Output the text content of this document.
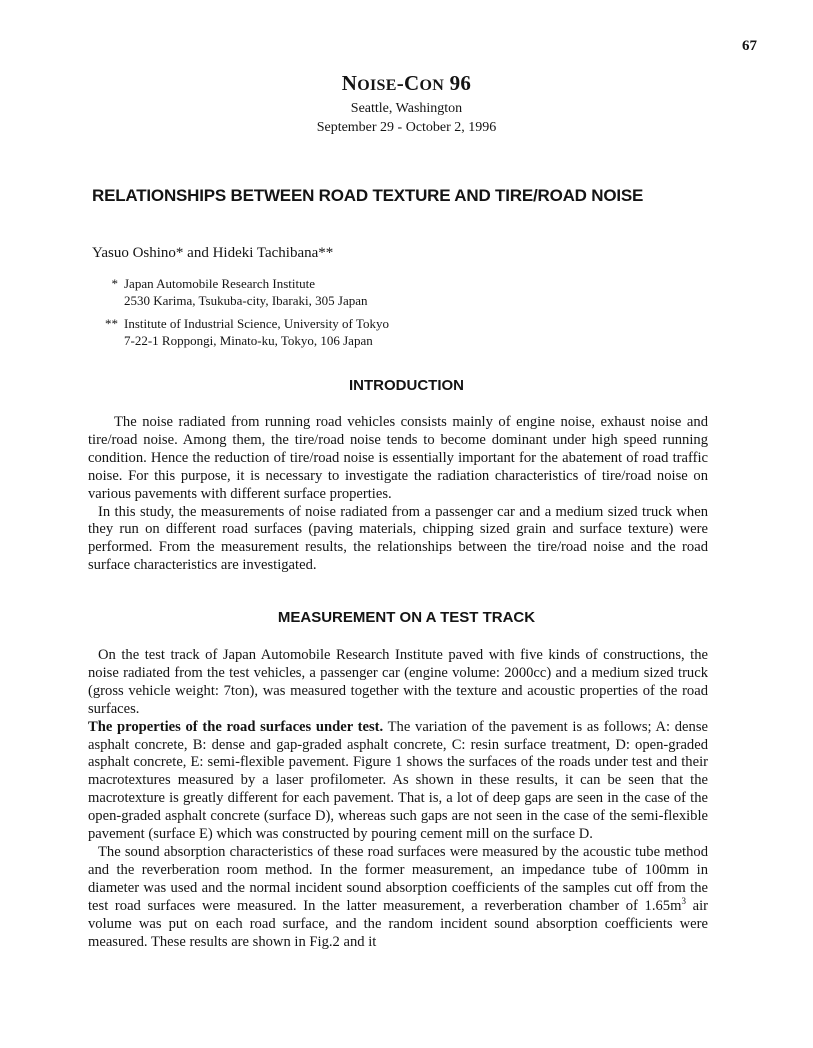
67
NOISE-CON 96
Seattle, Washington
September 29 - October 2, 1996
RELATIONSHIPS BETWEEN ROAD TEXTURE AND TIRE/ROAD NOISE
Yasuo Oshino* and Hideki Tachibana**
* Japan Automobile Research Institute
2530 Karima, Tsukuba-city, Ibaraki, 305 Japan
** Institute of Industrial Science, University of Tokyo
7-22-1 Roppongi, Minato-ku, Tokyo, 106 Japan
INTRODUCTION

The noise radiated from running road vehicles consists mainly of engine noise, exhaust noise and tire/road noise. Among them, the tire/road noise tends to become dominant under high speed running condition. Hence the reduction of tire/road noise is essentially important for the abatement of road traffic noise. For this purpose, it is necessary to investigate the radiation characteristics of tire/road noise on various pavements with different surface properties.

In this study, the measurements of noise radiated from a passenger car and a medium sized truck when they run on different road surfaces (paving materials, chipping sized grain and surface texture) were performed. From the measurement results, the relationships between the tire/road noise and the road surface characteristics are investigated.

MEASUREMENT ON A TEST TRACK

On the test track of Japan Automobile Research Institute paved with five kinds of constructions, the noise radiated from the test vehicles, a passenger car (engine volume: 2000cc) and a medium sized truck (gross vehicle weight: 7ton), was measured together with the texture and acoustic properties of the road surfaces.

The properties of the road surfaces under test. The variation of the pavement is as follows; A: dense asphalt concrete, B: dense and gap-graded asphalt concrete, C: resin surface treatment, D: open-graded asphalt concrete, E: semi-flexible pavement. Figure 1 shows the surfaces of the roads under test and their macrotextures measured by a laser profilometer. As shown in these results, it can be seen that the macrotexture is greatly different for each pavement. That is, a lot of deep gaps are seen in the case of the open-graded asphalt concrete (surface D), whereas such gaps are not seen in the case of the semi-flexible pavement (surface E) which was constructed by pouring cement mill on the surface D.

The sound absorption characteristics of these road surfaces were measured by the acoustic tube method and the reverberation room method. In the former measurement, an impedance tube of 100mm in diameter was used and the normal incident sound absorption coefficients of the samples cut off from the test road surfaces were measured. In the latter measurement, a reverberation chamber of $1.65m^3$ air volume was put on each road surface, and the random incident sound absorption coefficients were measured. These results are shown in Fig.2 and it
